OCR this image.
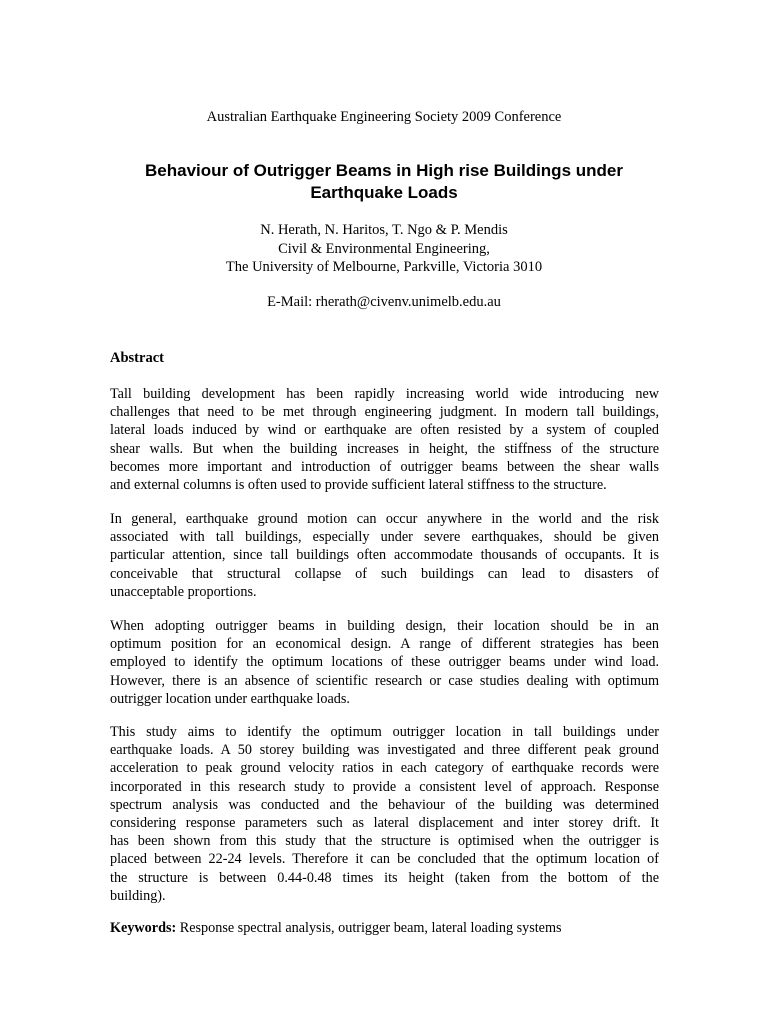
Australian Earthquake Engineering Society 2009 Conference
Behaviour of Outrigger Beams in High rise Buildings under
Earthquake Loads
N. Herath, N. Haritos, T. Ngo & P. Mendis
Civil & Environmental Engineering,
The University of Melbourne, Parkville, Victoria 3010
E-Mail: rherath@civenv.unimelb.edu.au
Abstract
Tall building development has been rapidly increasing world wide introducing new
challenges that need to be met through engineering judgment. In modern tall buildings,
lateral loads induced by wind or earthquake are often resisted by a system of coupled
shear walls. But when the building increases in height, the stiffness of the structure
becomes more important and introduction of outrigger beams between the shear walls
and external columns is often used to provide sufficient lateral stiffness to the structure.
In general, earthquake ground motion can occur anywhere in the world and the risk
associated with tall buildings, especially under severe earthquakes, should be given
particular attention, since tall buildings often accommodate thousands of occupants. It is
conceivable that structural collapse of such buildings can lead to disasters of
unacceptable proportions.
When adopting outrigger beams in building design, their location should be in an
optimum position for an economical design. A range of different strategies has been
employed to identify the optimum locations of these outrigger beams under wind load.
However, there is an absence of scientific research or case studies dealing with optimum
outrigger location under earthquake loads.
This study aims to identify the optimum outrigger location in tall buildings under
earthquake loads. A 50 storey building was investigated and three different peak ground
acceleration to peak ground velocity ratios in each category of earthquake records were
incorporated in this research study to provide a consistent level of approach. Response
spectrum analysis was conducted and the behaviour of the building was determined
considering response parameters such as lateral displacement and inter storey drift. It
has been shown from this study that the structure is optimised when the outrigger is
placed between 22-24 levels. Therefore it can be concluded that the optimum location of
the structure is between 0.44-0.48 times its height (taken from the bottom of the
building).
Keywords: Response spectral analysis, outrigger beam, lateral loading systems
